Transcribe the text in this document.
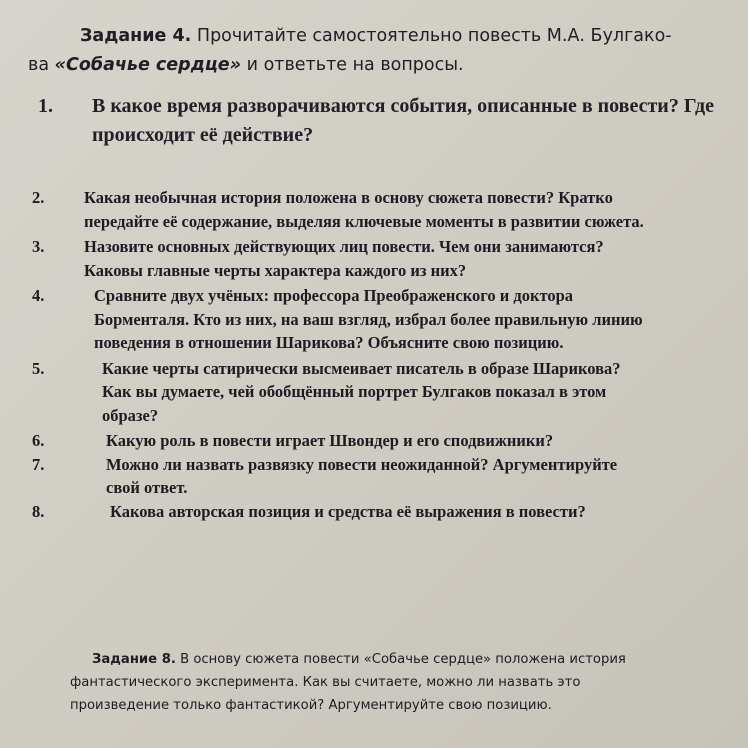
Задание 4. Прочитайте самостоятельно повесть М.А. Булгако-
ва «Собачье сердце» и ответьте на вопросы.
1. В какое время разворачиваются события, описанные в повести? Где происходит её действие?
2. Какая необычная история положена в основу сюжета повести? Кратко передайте её содержание, выделяя ключевые моменты в развитии сюжета.
3. Назовите основных действующих лиц повести. Чем они занимаются? Каковы главные черты характера каждого из них?
4.	Сравните двух учёных: профессора Преображенского и доктора Борменталя. Кто из них, на ваш взгляд, избрал более правильную линию поведения в отношении Шарикова? Объясните свою позицию.
5.	Какие черты сатирически высмеивает писатель в образе Шарикова? Как вы думаете, чей обобщённый портрет Булгаков показал в этом образе?
6.	Какую роль в повести играет Швондер и его сподвижники?
7.	Можно ли назвать развязку повести неожиданной? Аргументируйте свой ответ.
8.	Какова авторская позиция и средства её выражения в повести?
Задание 8. В основу сюжета повести «Собачье сердце» положена история фантастического эксперимента. Как вы считаете, можно ли назвать это произведение только фантастикой? Аргументируйте свою позицию.
